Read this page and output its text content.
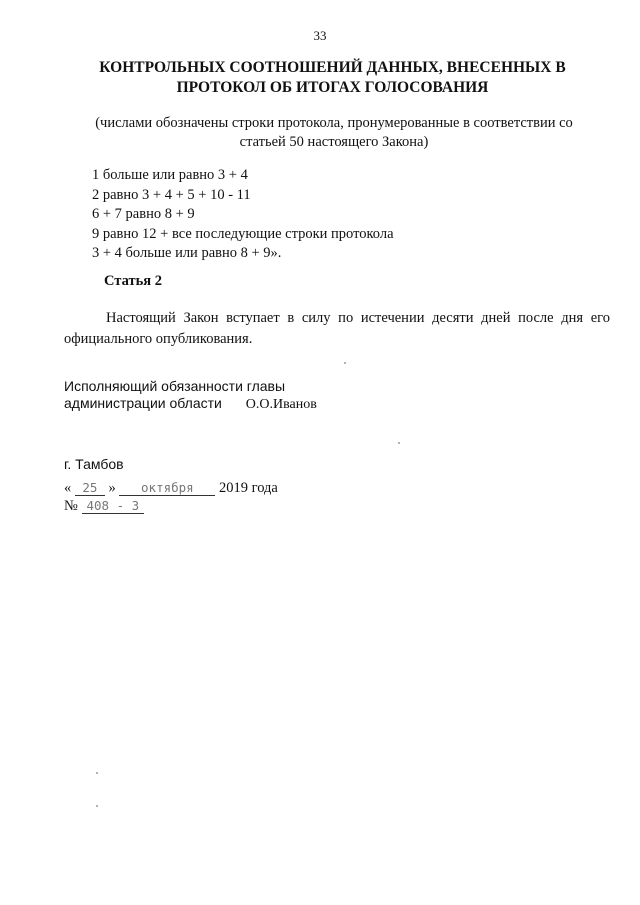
33
КОНТРОЛЬНЫХ СООТНОШЕНИЙ ДАННЫХ, ВНЕСЕННЫХ В
ПРОТОКОЛ ОБ ИТОГАХ ГОЛОСОВАНИЯ

(числами обозначены строки протокола, пронумерованные в соответствии со
статьей 50 настоящего Закона)

1 больше или равно 3 + 4
2 равно 3 + 4 + 5 + 10 - 11
6 + 7 равно 8 + 9
9 равно 12 + все последующие строки протокола
3 + 4 больше или равно 8 + 9».
Статья 2

Настоящий Закон вступает в силу по истечении десяти дней после дня его официального опубликования.

Исполняющий обязанности главы
администрации области О.О.Иванов
г. Тамбов
« 25 » октября 2019 года
№ 408 - З
